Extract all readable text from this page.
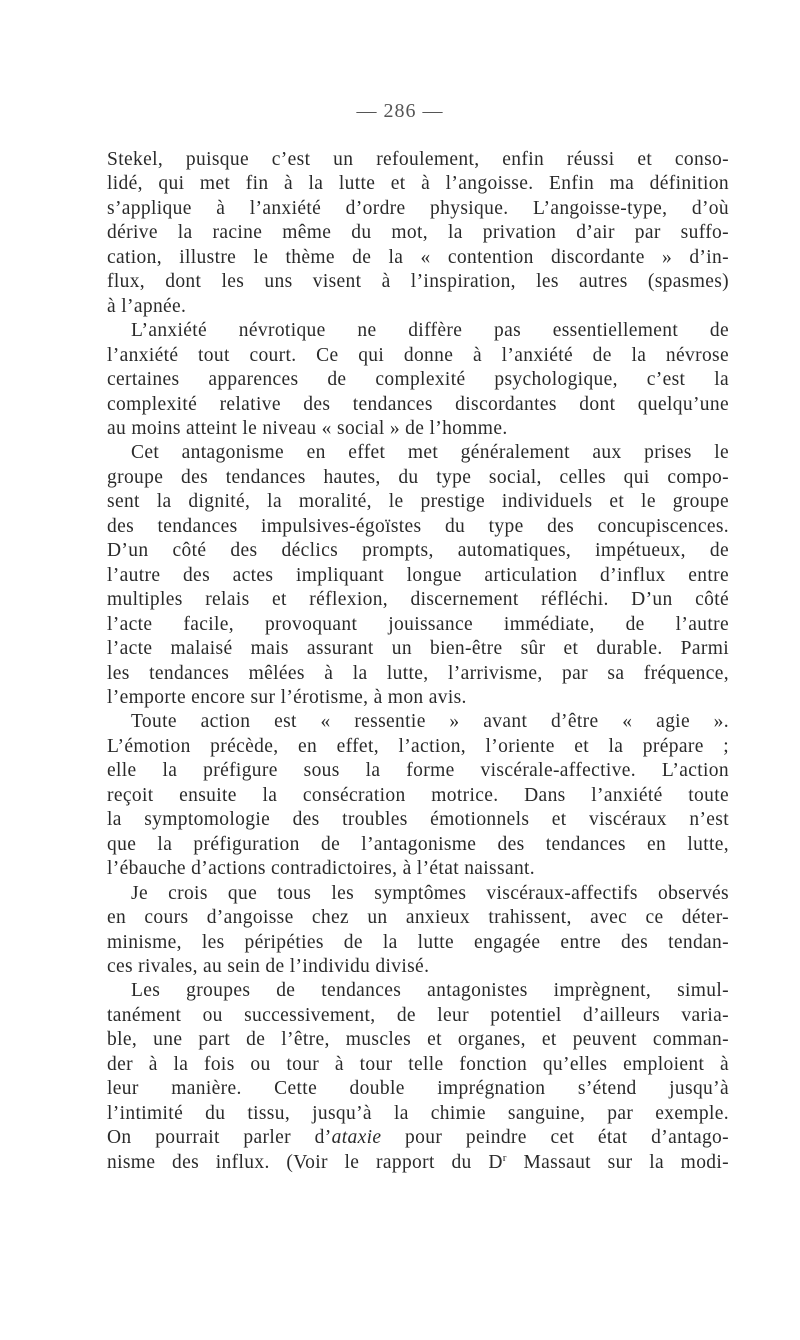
— 286 —
Stekel, puisque c’est un refoulement, enfin réussi et conso-
lidé, qui met fin à la lutte et à l’angoisse. Enfin ma définition
s’applique à l’anxiété d’ordre physique. L’angoisse-type, d’où
dérive la racine même du mot, la privation d’air par suffo-
cation, illustre le thème de la « contention discordante » d’in-
flux, dont les uns visent à l’inspiration, les autres (spasmes)
à l’apnée.
L’anxiété névrotique ne diffère pas essentiellement de
l’anxiété tout court. Ce qui donne à l’anxiété de la névrose
certaines apparences de complexité psychologique, c’est la
complexité relative des tendances discordantes dont quelqu’une
au moins atteint le niveau « social » de l’homme.
Cet antagonisme en effet met généralement aux prises le
groupe des tendances hautes, du type social, celles qui compo-
sent la dignité, la moralité, le prestige individuels et le groupe
des tendances impulsives-égoïstes du type des concupiscences.
D’un côté des déclics prompts, automatiques, impétueux, de
l’autre des actes impliquant longue articulation d’influx entre
multiples relais et réflexion, discernement réfléchi. D’un côté
l’acte facile, provoquant jouissance immédiate, de l’autre
l’acte malaisé mais assurant un bien-être sûr et durable. Parmi
les tendances mêlées à la lutte, l’arrivisme, par sa fréquence,
l’emporte encore sur l’érotisme, à mon avis.
Toute action est « ressentie » avant d’être « agie ».
L’émotion précède, en effet, l’action, l’oriente et la prépare ;
elle la préfigure sous la forme viscérale-affective. L’action
reçoit ensuite la consécration motrice. Dans l’anxiété toute
la symptomologie des troubles émotionnels et viscéraux n’est
que la préfiguration de l’antagonisme des tendances en lutte,
l’ébauche d’actions contradictoires, à l’état naissant.
Je crois que tous les symptômes viscéraux-affectifs observés
en cours d’angoisse chez un anxieux trahissent, avec ce déter-
minisme, les péripéties de la lutte engagée entre des tendan-
ces rivales, au sein de l’individu divisé.
Les groupes de tendances antagonistes imprègnent, simul-
tanément ou successivement, de leur potentiel d’ailleurs varia-
ble, une part de l’être, muscles et organes, et peuvent comman-
der à la fois ou tour à tour telle fonction qu’elles emploient à
leur manière. Cette double imprégnation s’étend jusqu’à
l’intimité du tissu, jusqu’à la chimie sanguine, par exemple.
On pourrait parler d’ataxie pour peindre cet état d’antago-
nisme des influx. (Voir le rapport du $D^r$ Massaut sur la modi-
